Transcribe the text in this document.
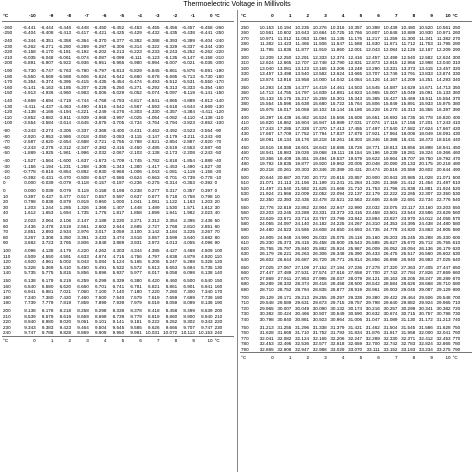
Thermoelectric Voltage in Millivolts
°C	-10	-9	-8	-7	-6	-5	-4	-3	-2	-1	0 °C
-260	-6.441	-6.444	-6.446	-6.448	-6.450	-6.452	-6.453	-6.455	-6.456	-6.457	-6.458 -260
-250	-6.404	-6.408	-6.413	-6.417	-6.421	-6.425	-6.429	-6.432	-6.435	-6.438	-6.441 -250
-240	-6.344	-6.351	-6.358	-6.364	-6.370	-6.377	-6.382	-6.388	-6.393	-6.399	-6.404 -240
-230	-6.262	-6.271	-6.280	-6.289	-6.297	-6.306	-6.314	-6.322	-6.329	-6.337	-6.344 -230
-220	-6.158	-6.170	-6.181	-6.192	-6.202	-6.213	-6.223	-6.233	-6.243	-6.252	-6.262 -220
-210	-6.035	-6.048	-6.061	-6.074	-6.087	-6.099	-6.111	-6.123	-6.135	-6.147	-6.158 -210
-200	-5.891	-5.907	-5.922	-5.936	-5.951	-5.965	-5.980	-5.994	-6.007	-6.021	-6.035 -200
-190	-5.730	-5.747	-5.763	-5.780	-5.797	-5.813	-5.829	-5.845	-5.861	-5.876	-5.891 -190
-180	-5.550	-5.569	-5.588	-5.606	-5.624	-5.642	-5.660	-5.678	-5.695	-5.713	-5.730 -180
-170	-5.354	-5.374	-5.395	-5.415	-5.435	-5.454	-5.474	-5.493	-5.512	-5.531	-5.550 -170
-160	-5.141	-5.163	-5.185	-5.207	-5.228	-5.250	-5.271	-5.292	-5.313	-5.333	-5.354 -160
-150	-4.913	-4.936	-4.960	-4.983	-5.006	-5.029	-5.052	-5.074	-5.097	-5.119	-5.141 -150
-140	-4.669	-4.694	-4.719	-4.744	-4.768	-4.793	-4.817	-4.841	-4.865	-4.889	-4.913 -140
-130	-4.411	-4.437	-4.463	-4.490	-4.516	-4.542	-4.567	-4.593	-4.618	-4.644	-4.669 -130
-120	-4.138	-4.166	-4.194	-4.221	-4.249	-4.276	-4.303	-4.330	-4.357	-4.384	-4.411 -120
-110	-3.852	-3.882	-3.911	-3.939	-3.968	-3.997	-4.025	-4.054	-4.082	-4.110	-4.138 -110
-100	-3.554	-3.584	-3.614	-3.645	-3.675	-3.705	-3.734	-3.764	-3.794	-3.823	-3.852 -100
-90	-3.243	-3.274	-3.306	-3.337	-3.368	-3.400	-3.431	-3.462	-3.492	-3.523	-3.554 -90
-80	-2.920	-2.953	-2.986	-3.018	-3.050	-3.083	-3.115	-3.147	-3.179	-3.211	-3.243 -80
-70	-2.587	-2.620	-2.654	-2.688	-2.721	-2.755	-2.788	-2.821	-2.854	-2.887	-2.920 -70
-60	-2.243	-2.278	-2.312	-2.347	-2.382	-2.416	-2.450	-2.485	-2.519	-2.553	-2.587 -60
-50	-1.889	-1.925	-1.961	-1.996	-2.032	-2.067	-2.103	-2.138	-2.173	-2.208	-2.243 -50
-40	-1.527	-1.564	-1.600	-1.637	-1.673	-1.709	-1.745	-1.782	-1.818	-1.854	-1.889 -40
-30	-1.156	-1.194	-1.231	-1.268	-1.305	-1.343	-1.380	-1.417	-1.453	-1.490	-1.527 -30
-20	-0.778	-0.816	-0.854	-0.892	-0.930	-0.968	-1.006	-1.043	-1.081	-1.119	-1.156 -20
-10	-0.392	-0.431	-0.470	-0.508	-0.547	-0.586	-0.624	-0.663	-0.701	-0.739	-0.778 -10
0	0.000	-0.039	-0.079	-0.118	-0.157	-0.197	-0.236	-0.275	-0.314	-0.353	-0.392 0
0	0.000	0.039	0.079	0.119	0.158	0.198	0.238	0.277	0.317	0.357	0.397 0
10	0.397	0.437	0.477	0.517	0.557	0.597	0.637	0.677	0.718	0.758	0.798 10
20	0.798	0.838	0.879	0.919	0.960	1.000	1.041	1.081	1.122	1.163	1.203 20
30	1.203	1.244	1.285	1.326	1.366	1.407	1.448	1.489	1.530	1.571	1.612 30
40	1.612	1.653	1.694	1.735	1.776	1.817	1.858	1.899	1.941	1.982	2.023 40
50	2.023	2.064	2.106	2.147	2.188	2.230	2.271	2.312	2.354	2.395	2.436 50
60	2.436	2.478	2.519	2.561	2.602	2.644	2.685	2.727	2.768	2.810	2.851 60
70	2.851	2.893	2.934	2.976	3.017	3.059	3.100	3.142	3.184	3.225	3.267 70
80	3.267	3.308	3.350	3.391	3.433	3.474	3.516	3.557	3.599	3.640	3.682 80
90	3.682	3.723	3.765	3.806	3.848	3.889	3.931	3.972	4.013	4.055	4.096 90
100	4.096	4.138	4.179	4.220	4.262	4.303	4.344	4.385	4.427	4.468	4.509 100
110	4.509	4.550	4.591	4.633	4.674	4.715	4.756	4.797	4.838	4.879	4.920 110
120	4.920	4.961	5.002	5.043	5.084	5.124	5.165	5.206	5.247	5.288	5.328 120
130	5.328	5.369	5.410	5.450	5.491	5.532	5.572	5.613	5.653	5.694	5.735 130
140	5.735	5.775	5.815	5.856	5.896	5.937	5.977	6.017	6.058	6.098	6.138 140
150	6.138	6.179	6.219	6.259	6.299	6.339	6.380	6.420	6.460	6.500	6.540 150
160	6.540	6.580	6.620	6.660	6.701	6.741	6.781	6.821	6.861	6.901	6.941 160
170	6.941	6.981	7.021	7.060	7.100	7.140	7.180	7.220	7.260	7.300	7.340 170
180	7.340	7.380	7.420	7.460	7.500	7.540	7.579	7.619	7.659	7.699	7.739 180
190	7.739	7.779	7.819	7.859	7.899	7.939	7.979	8.019	8.059	8.099	8.138 190
200	8.138	8.178	8.218	8.258	8.298	8.338	8.378	8.418	8.458	8.499	8.539 200
210	8.539	8.579	8.619	8.659	8.699	8.739	8.779	8.819	8.860	8.900	8.940 210
220	8.940	8.980	9.020	9.061	9.101	9.141	9.181	9.222	9.262	9.302	9.343 220
230	9.343	9.383	9.423	9.464	9.504	9.545	9.585	9.626	9.666	9.707	9.747 230
240	9.747	9.788	9.828	9.869	9.909	9.950	9.991 10.031 10.072 10.113 10.153 240
°C	0	1	2	3	4	5	6	7	8	9	10 °C
°C	0	1	2	3	4	5	6	7	8	9	10 °C
250	10.153 10.194 10.235 10.276 10.316 10.357 10.398 10.439 10.480 10.520 10.561 250
260	10.561 10.602 10.643 10.684 10.725 10.766 10.807 10.848 10.889 10.930 10.971 260
270	10.971 11.012 11.053 11.094 11.135 11.176 11.217 11.259 11.300 11.341 11.382 270
280	11.382 11.423 11.465 11.506 11.547 11.588 11.630 11.671 11.712 11.753 11.795 280
290	11.795 11.836 11.877 11.919 11.960 12.001 12.043 12.084 12.126 12.167 12.209 290
300	12.209 12.250 12.291 12.333 12.374 12.416 12.457 12.499 12.540 12.582 12.624 300
310	12.624 12.665 12.707 12.748 12.790 12.831 12.873 12.915 12.956 12.998 13.040 310
320	13.040 13.081 13.123 13.165 13.206 13.248 13.290 13.331 13.373 13.415 13.457 320
330	13.457 13.498 13.540 13.582 13.624 13.665 13.707 13.749 13.791 13.833 13.874 330
340	13.874 13.916 13.958 14.000 14.042 14.084 14.126 14.167 14.209 14.251 14.293 340
350	14.293 14.335 14.377 14.419 14.461 14.503 14.545 14.587 14.629 14.671 14.713 350
360	14.713 14.755 14.797 14.839 14.881 14.923 14.965 15.007 15.049 15.091 15.133 360
370	15.133 15.175 15.217 15.259 15.301 15.343 15.385 15.427 15.469 15.511 15.554 370
380	15.554 15.596 15.638 15.680 15.722 15.764 15.806 15.849 15.891 15.933 15.975 380
390	15.975 16.017 16.059 16.102 16.144 16.186 16.228 16.270 16.313 16.355 16.397 390
400	16.397 16.439 16.482 16.524 16.566 16.608 16.651 16.693 16.735 16.778 16.820 400
410	16.820 16.862 16.904 16.947 16.989 17.031 17.074 17.116 17.158 17.201 17.243 410
420	17.243 17.285 17.328 17.370 17.413 17.455 17.497 17.540 17.582 17.624 17.667 420
430	17.667 17.709 17.752 17.794 17.837 17.879 17.921 17.964 18.006 18.049 18.091 430
440	18.091 18.134 18.176 18.218 18.261 18.303 18.346 18.388 18.431 18.473 18.516 440
450	18.516 18.558 18.601 18.643 18.686 18.728 18.771 18.813 18.856 18.898 18.941 450
460	18.941 18.983 19.026 19.068 19.111 19.154 19.196 19.239 19.281 19.324 19.366 460
470	19.366 19.409 19.451 19.494 19.537 19.579 19.622 19.664 19.707 19.750 19.792 470
480	19.792 19.835 19.877 19.920 19.962 20.005 20.048 20.090 20.133 20.175 20.218 480
490	20.218 20.261 20.303 20.346 20.389 20.431 20.474 20.516 20.559 20.602 20.644 490
500	20.644 20.687 20.730 20.772 20.815 20.857 20.900 20.943 20.985 21.028 21.071 500
510	21.071 21.113 21.156 21.199 21.241 21.284 21.326 21.369 21.412 21.454 21.497 510
520	21.497 21.540 21.582 21.625 21.668 21.710 21.753 21.796 21.838 21.881 21.924 520
530	21.924 21.966 22.009 22.052 22.094 22.137 22.179 22.222 22.265 22.307 22.350 530
540	22.350 22.393 22.435 22.478 22.521 22.563 22.606 22.649 22.691 22.734 22.776 540
550	22.776 22.819 22.862 22.904 22.947 22.990 23.032 23.075 23.117 23.160 23.203 550
560	23.203 23.245 23.288 23.331 23.373 23.416 23.458 23.501 23.544 23.586 23.629 560
570	23.629 23.671 23.714 23.757 23.799 23.842 23.884 23.927 23.970 24.012 24.055 570
580	24.055 24.097 24.140 24.182 24.225 24.267 24.310 24.353 24.395 24.438 24.480 580
590	24.480 24.523 24.565 24.608 24.650 24.693 24.735 24.778 24.820 24.863 24.905 590
600	24.905 24.948 24.990 25.033 25.075 25.118 25.160 25.203 25.245 25.288 25.330 600
610	25.330 25.373 25.415 25.458 25.500 25.543 25.585 25.627 25.670 25.712 25.755 610
620	25.755 25.797 25.840 25.882 25.924 25.967 26.009 26.052 26.094 26.136 26.179 620
630	26.179 26.221 26.263 26.306 26.348 26.390 26.433 26.475 26.517 26.560 26.602 630
640	26.602 26.644 26.687 26.729 26.771 26.814 26.856 26.898 26.940 26.983 27.025 640
650	27.025 27.067 27.109 27.152 27.194 27.236 27.278 27.320 27.363 27.405 27.447 650
660	27.447 27.489 27.531 27.574 27.616 27.658 27.700 27.742 27.784 27.826 27.869 660
670	27.869 27.911 27.953 27.995 28.037 28.079 28.121 28.163 28.205 28.247 28.289 670
680	28.289 28.332 28.374 28.416 28.458 28.500 28.542 28.584 28.626 28.668 28.710 680
690	28.710 28.752 28.794 28.835 28.877 28.919 28.961 29.003 29.045 29.087 29.129 690
700	29.129 29.171 29.213 29.255 29.297 29.338 29.380 29.422 29.464 29.506 29.548 700
710	29.548 29.589 29.631 29.673 29.715 29.757 29.798 29.840 29.882 29.924 29.965 710
720	29.965 30.007 30.049 30.090 30.132 30.174 30.216 30.257 30.299 30.341 30.382 720
730	30.382 30.424 30.466 30.507 30.549 30.590 30.632 30.674 30.715 30.757 30.798 730
740	30.798 30.840 30.881 30.923 30.964 31.006 31.047 31.089 31.130 31.172 31.213 740
750	31.213 31.255 31.296 31.338 31.379 31.421 31.462 31.504 31.545 31.586 31.628 750
760	31.628 31.669 31.710 31.752 31.793 31.834 31.876 31.917 31.958 32.000 32.041 760
770	32.041 32.082 32.124 32.165 32.206 32.247 32.289 32.330 32.371 32.412 32.453 770
780	32.453 32.495 32.536 32.577 32.618 32.659 32.700 32.742 32.783 32.824 32.865 780
790	32.865 32.906 32.947 32.988 33.029 33.070 33.111 33.152 33.193 33.234 33.275 790
°C	0	1	2	3	4	5	6	7	8	9	10 °C
